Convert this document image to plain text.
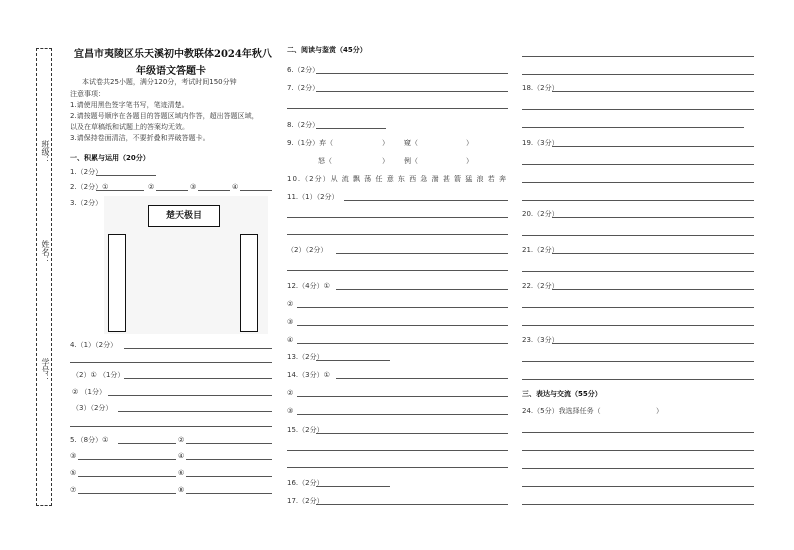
班级：
姓名：
学号：
宜昌市夷陵区乐天溪初中教联体2024年秋八
年级语文答题卡
本试卷共25小题，满分120分，考试时间150分钟
注意事项：
1.请使用黑色签字笔书写，笔迹清楚。
2.请按题号顺序在各题目的答题区域内作答，超出答题区域，
以及在草稿纸和试题上的答案均无效。
3.请保持卷面清洁，不要折叠和弄破答题卡。
一、积累与运用（20分）
1.（2分）
2.（2分）①	②	③	④
3.（2分）
楚天极目
4.（1）（2分）
（2）① （1分）
② （1分）
（3）（2分）
5.（8分）①	②
③	④
⑤	⑥
⑦	⑧
二、阅读与鉴赏（45分）
6.（2分）
7.（2分）
8.（2分）
9.（1分）弃（	） 窥（	）
怒（	） 例（	）
10.（2分）从 流 飘 荡 任 意 东 西 急 湍 甚 箭 猛 浪 若 奔
11.（1）（2分）
（2）（2分）
12.（4分）①
②
③
④
13.（2分）
14.（3分）①
②
③
15.（2分）
16.（2分）
17.（2分）
18.（2分）
19.（3分）
20.（2分）
21.（2分）
22.（2分）
23.（3分）
三、表达与交流（55分）
24.（5分）我选择任务（	）
